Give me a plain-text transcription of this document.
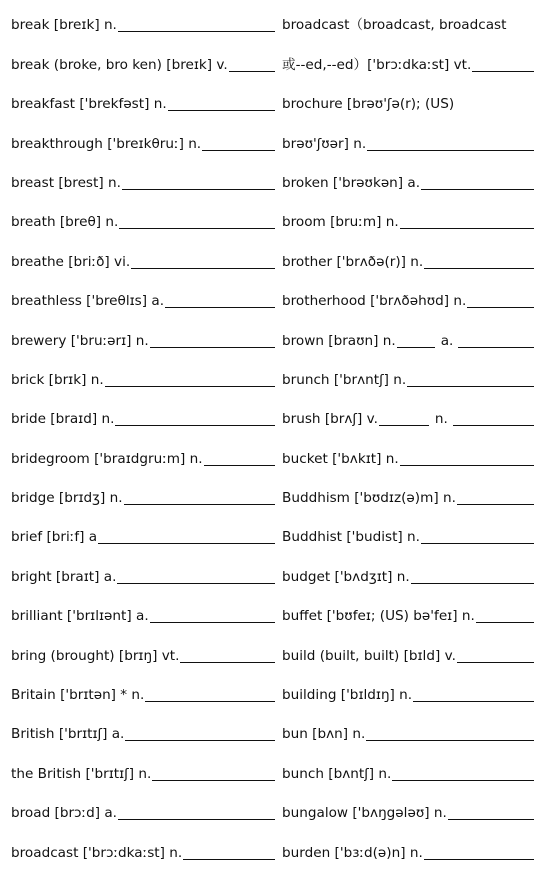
break [breɪk] n.
break (broke, bro ken) [breɪk] v.
breakfast ['brekfəst] n.
breakthrough ['breɪkθruː] n.
breast [brest] n.
breath [breθ] n.
breathe [briːð] vi.
breathless ['breθlɪs] a.
brewery ['bruːərɪ] n.
brick [brɪk] n.
bride [braɪd] n.
bridegroom ['braɪdgruːm] n.
bridge [brɪdʒ] n.
brief [briːf] a
bright [braɪt] a.
brilliant ['brɪlɪənt] a.
bring (brought) [brɪŋ] vt.
Britain ['brɪtən] * n.
British ['brɪtɪʃ] a.
the British ['brɪtɪʃ] n.
broad [brɔːd] a.
broadcast ['brɔːdkaːst] n.
broadcast（broadcast, broadcast
或--ed,--ed）['brɔːdkaːst] vt.
brochure [brəʊ'ʃə(r); (US)
brəʊ'ʃʊər] n.
broken ['brəʊkən] a.
broom [bruːm] n.
brother ['brʌðə(r)] n.
brotherhood ['brʌðəhʊd] n.
brown [braʊn] n.	a.
brunch ['brʌntʃ] n.
brush [brʌʃ] v.	n.
bucket ['bʌkɪt] n.
Buddhism ['bʊdɪz(ə)m] n.
Buddhist ['budist] n.
budget ['bʌdʒɪt] n.
buffet ['bʊfeɪ; (US) bə'feɪ] n.
build (built, built) [bɪld] v.
building ['bɪldɪŋ] n.
bun [bʌn] n.
bunch [bʌntʃ] n.
bungalow ['bʌŋgələʊ] n.
burden ['bɜːd(ə)n] n.
